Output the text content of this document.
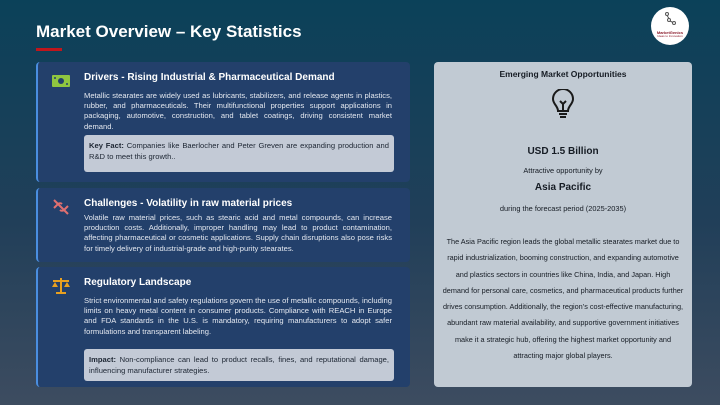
Market Overview – Key Statistics	MarketGenics
Ideas to Innovation
Drivers - Rising Industrial & Pharmaceutical Demand

Metallic stearates are widely used as lubricants, stabilizers, and release agents in plastics, rubber, and pharmaceuticals. Their multifunctional properties support applications in packaging, automotive, construction, and tablet coatings, driving consistent market demand.

Key Fact: Companies like Baerlocher and Peter Greven are expanding production and R&D to meet this growth..
Challenges - Volatility in raw material prices

Volatile raw material prices, such as stearic acid and metal compounds, can increase production costs. Additionally, improper handling may lead to product contamination, affecting pharmaceutical or cosmetic applications. Supply chain disruptions also pose risks for timely delivery of industrial-grade and high-purity stearates.

Regulatory Landscape

Strict environmental and safety regulations govern the use of metallic compounds, including limits on heavy metal content in consumer products. Compliance with REACH in Europe and FDA standards in the U.S. is mandatory, requiring manufacturers to adopt safer formulations and transparent labeling.

Impact: Non-compliance can lead to product recalls, fines, and reputational damage, influencing manufacturer strategies.
Emerging Market Opportunities
USD 1.5 Billion
Attractive opportunity by
Asia Pacific
during the forecast period (2025-2035)
The Asia Pacific region leads the global metallic stearates market due to rapid industrialization, booming construction, and expanding automotive and plastics sectors in countries like China, India, and Japan. High demand for personal care, cosmetics, and pharmaceutical products further drives consumption. Additionally, the region’s cost-effective manufacturing, abundant raw material availability, and supportive government initiatives make it a strategic hub, offering the highest market opportunity and attracting major global players.
